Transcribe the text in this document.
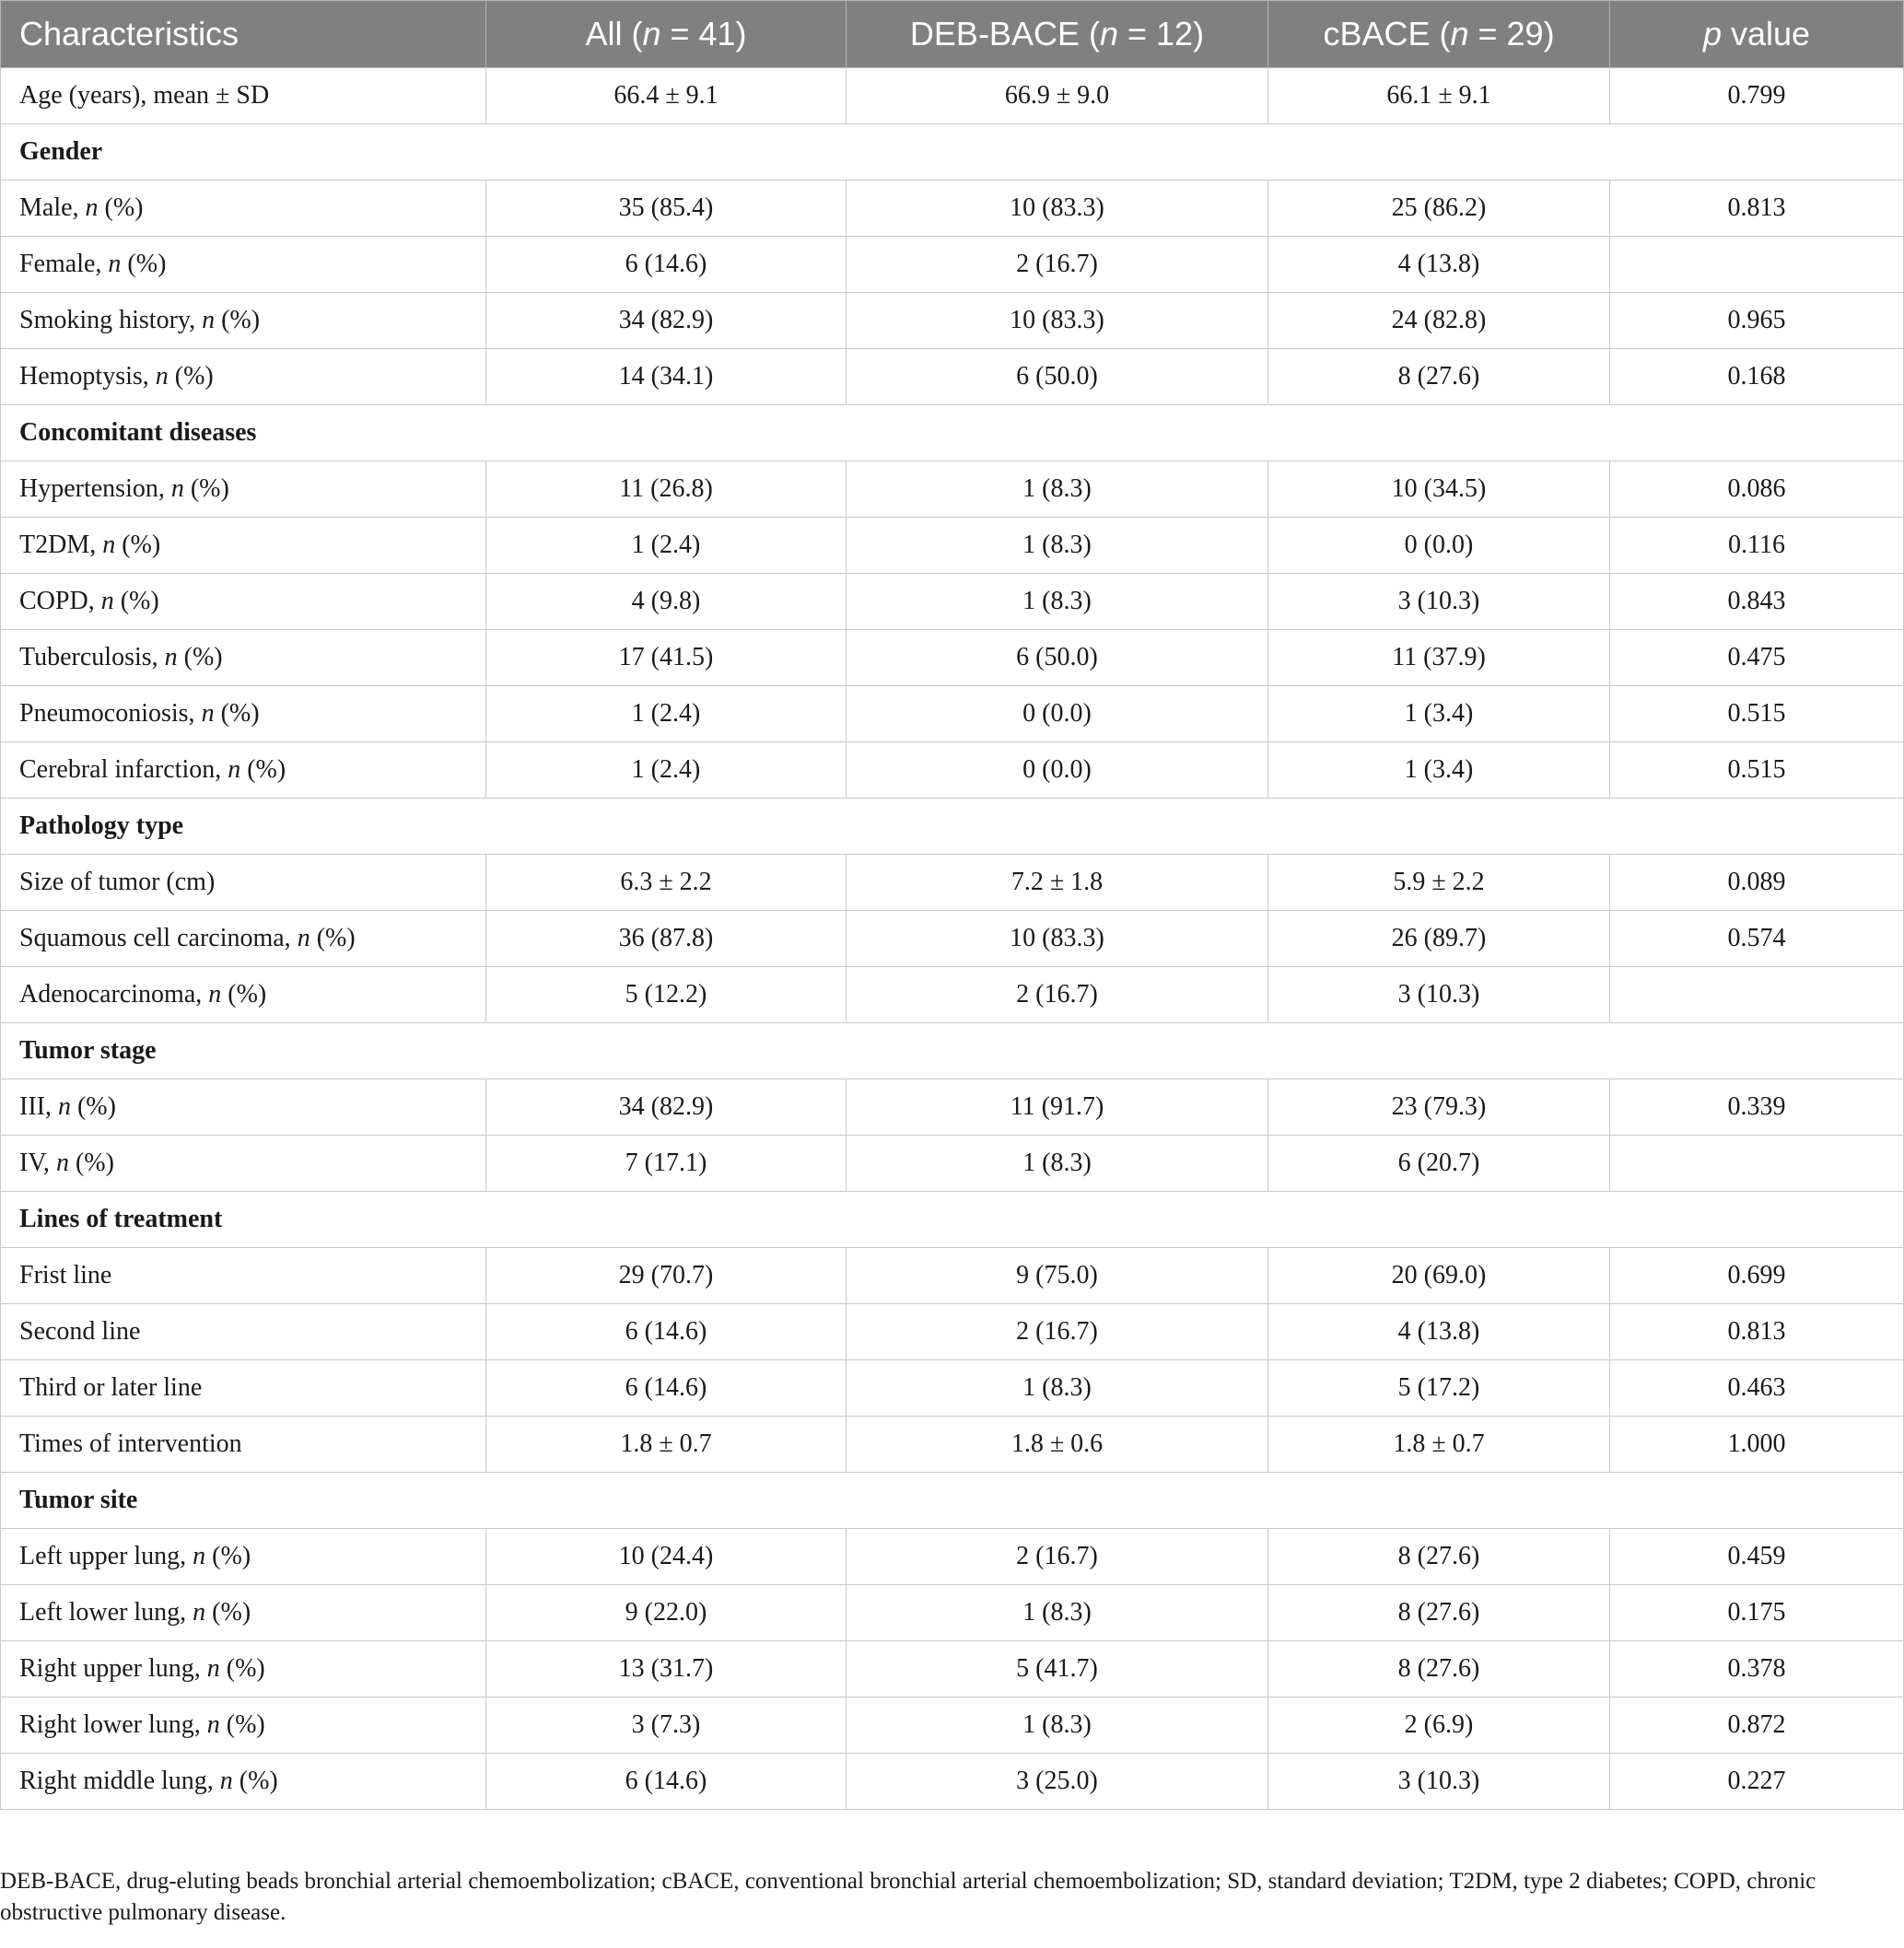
Characteristics	All (n = 41)	DEB-BACE (n = 12)	cBACE (n = 29)	p value
Age (years), mean ± SD	66.4 ± 9.1	66.9 ± 9.0	66.1 ± 9.1	0.799
Gender				
Male, n (%)	35 (85.4)	10 (83.3)	25 (86.2)	0.813
Female, n (%)	6 (14.6)	2 (16.7)	4 (13.8)	
Smoking history, n (%)	34 (82.9)	10 (83.3)	24 (82.8)	0.965
Hemoptysis, n (%)	14 (34.1)	6 (50.0)	8 (27.6)	0.168
Concomitant diseases				
Hypertension, n (%)	11 (26.8)	1 (8.3)	10 (34.5)	0.086
T2DM, n (%)	1 (2.4)	1 (8.3)	0 (0.0)	0.116
COPD, n (%)	4 (9.8)	1 (8.3)	3 (10.3)	0.843
Tuberculosis, n (%)	17 (41.5)	6 (50.0)	11 (37.9)	0.475
Pneumoconiosis, n (%)	1 (2.4)	0 (0.0)	1 (3.4)	0.515
Cerebral infarction, n (%)	1 (2.4)	0 (0.0)	1 (3.4)	0.515
Pathology type				
Size of tumor (cm)	6.3 ± 2.2	7.2 ± 1.8	5.9 ± 2.2	0.089
Squamous cell carcinoma, n (%)	36 (87.8)	10 (83.3)	26 (89.7)	0.574
Adenocarcinoma, n (%)	5 (12.2)	2 (16.7)	3 (10.3)	
Tumor stage				
III, n (%)	34 (82.9)	11 (91.7)	23 (79.3)	0.339
IV, n (%)	7 (17.1)	1 (8.3)	6 (20.7)	
Lines of treatment				
Frist line	29 (70.7)	9 (75.0)	20 (69.0)	0.699
Second line	6 (14.6)	2 (16.7)	4 (13.8)	0.813
Third or later line	6 (14.6)	1 (8.3)	5 (17.2)	0.463
Times of intervention	1.8 ± 0.7	1.8 ± 0.6	1.8 ± 0.7	1.000
Tumor site				
Left upper lung, n (%)	10 (24.4)	2 (16.7)	8 (27.6)	0.459
Left lower lung, n (%)	9 (22.0)	1 (8.3)	8 (27.6)	0.175
Right upper lung, n (%)	13 (31.7)	5 (41.7)	8 (27.6)	0.378
Right lower lung, n (%)	3 (7.3)	1 (8.3)	2 (6.9)	0.872
Right middle lung, n (%)	6 (14.6)	3 (25.0)	3 (10.3)	0.227

DEB-BACE, drug-eluting beads bronchial arterial chemoembolization; cBACE, conventional bronchial arterial chemoembolization; SD, standard deviation; T2DM, type 2 diabetes; COPD, chronic obstructive pulmonary disease.
